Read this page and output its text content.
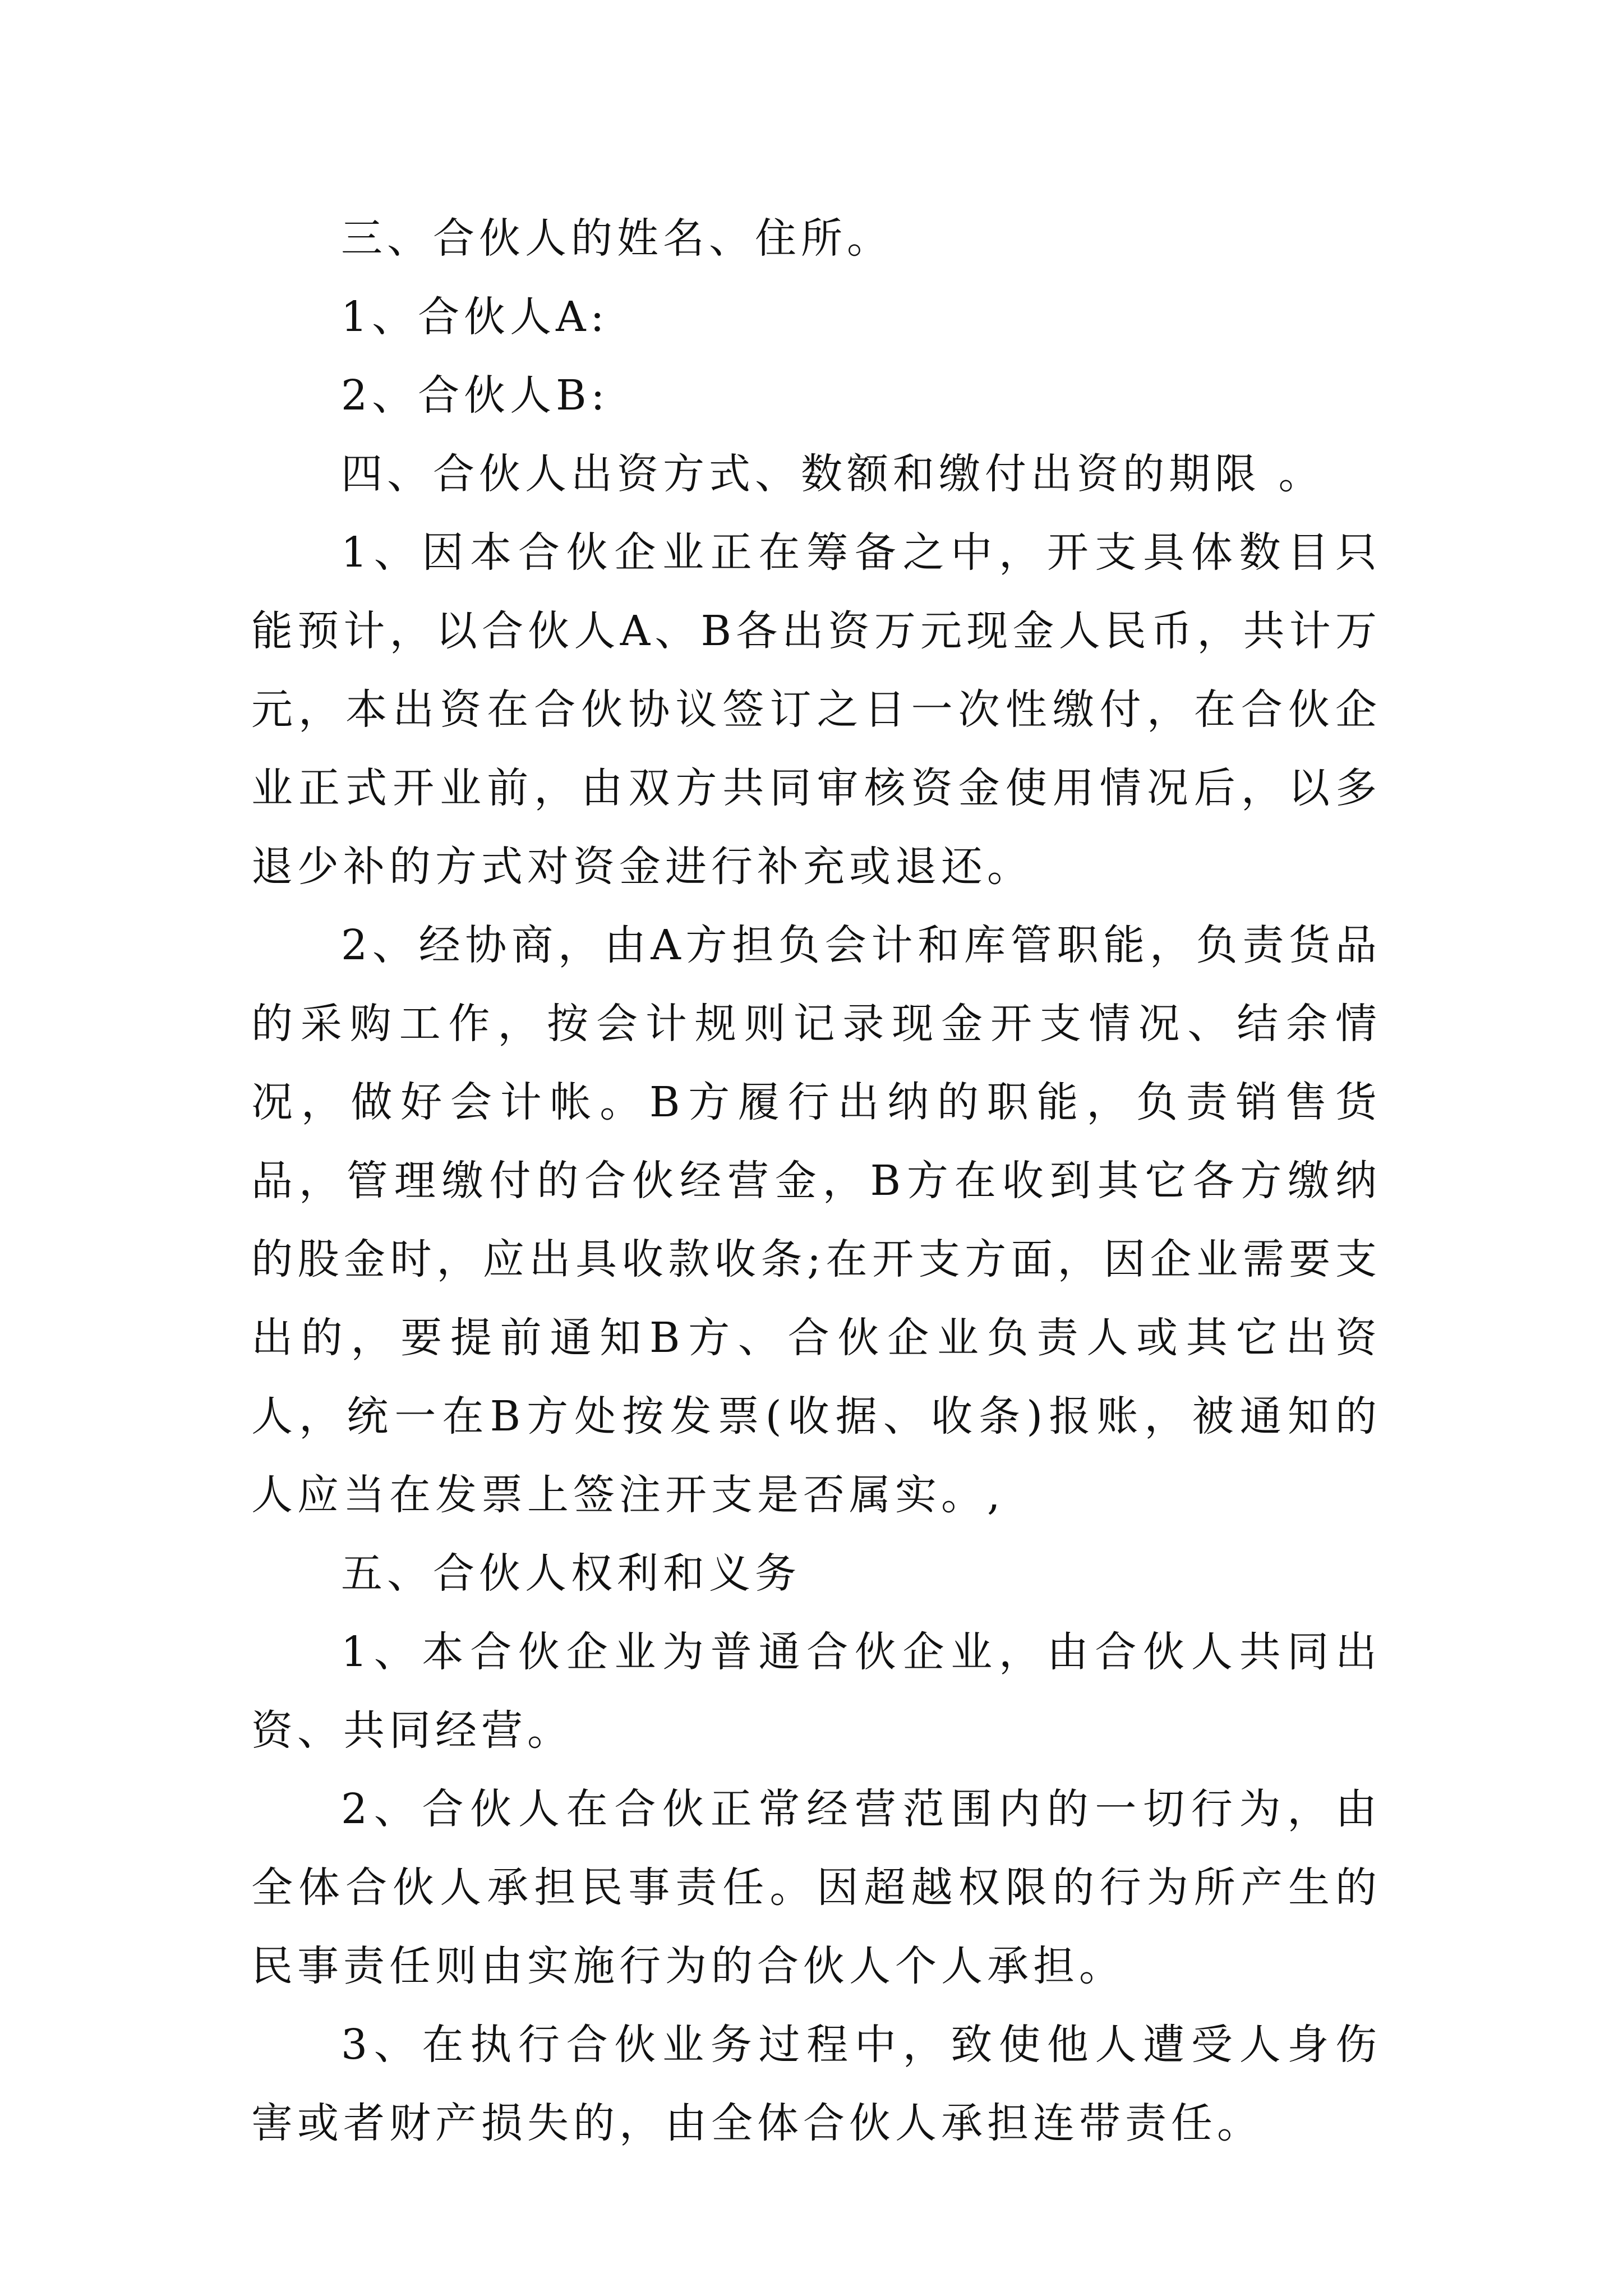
三、合伙人的姓名、住所。

1、合伙人A:

2、合伙人B:

四、合伙人出资方式、数额和缴付出资的期限 。

1、因本合伙企业正在筹备之中，开支具体数目只能预计，以合伙人A、B各出资万元现金人民币，共计万元，本出资在合伙协议签订之日一次性缴付，在合伙企业正式开业前，由双方共同审核资金使用情况后，以多退少补的方式对资金进行补充或退还。

2、经协商，由A方担负会计和库管职能，负责货品的采购工作，按会计规则记录现金开支情况、结余情况，做好会计帐。B方履行出纳的职能，负责销售货品，管理缴付的合伙经营金，B方在收到其它各方缴纳的股金时，应出具收款收条;在开支方面，因企业需要支出的，要提前通知B方、合伙企业负责人或其它出资人，统一在B方处按发票(收据、收条)报账，被通知的人应当在发票上签注开支是否属实。,

五、合伙人权利和义务

1、本合伙企业为普通合伙企业，由合伙人共同出资、共同经营。

2、合伙人在合伙正常经营范围内的一切行为，由全体合伙人承担民事责任。因超越权限的行为所产生的民事责任则由实施行为的合伙人个人承担。

3、在执行合伙业务过程中，致使他人遭受人身伤害或者财产损失的，由全体合伙人承担连带责任。
